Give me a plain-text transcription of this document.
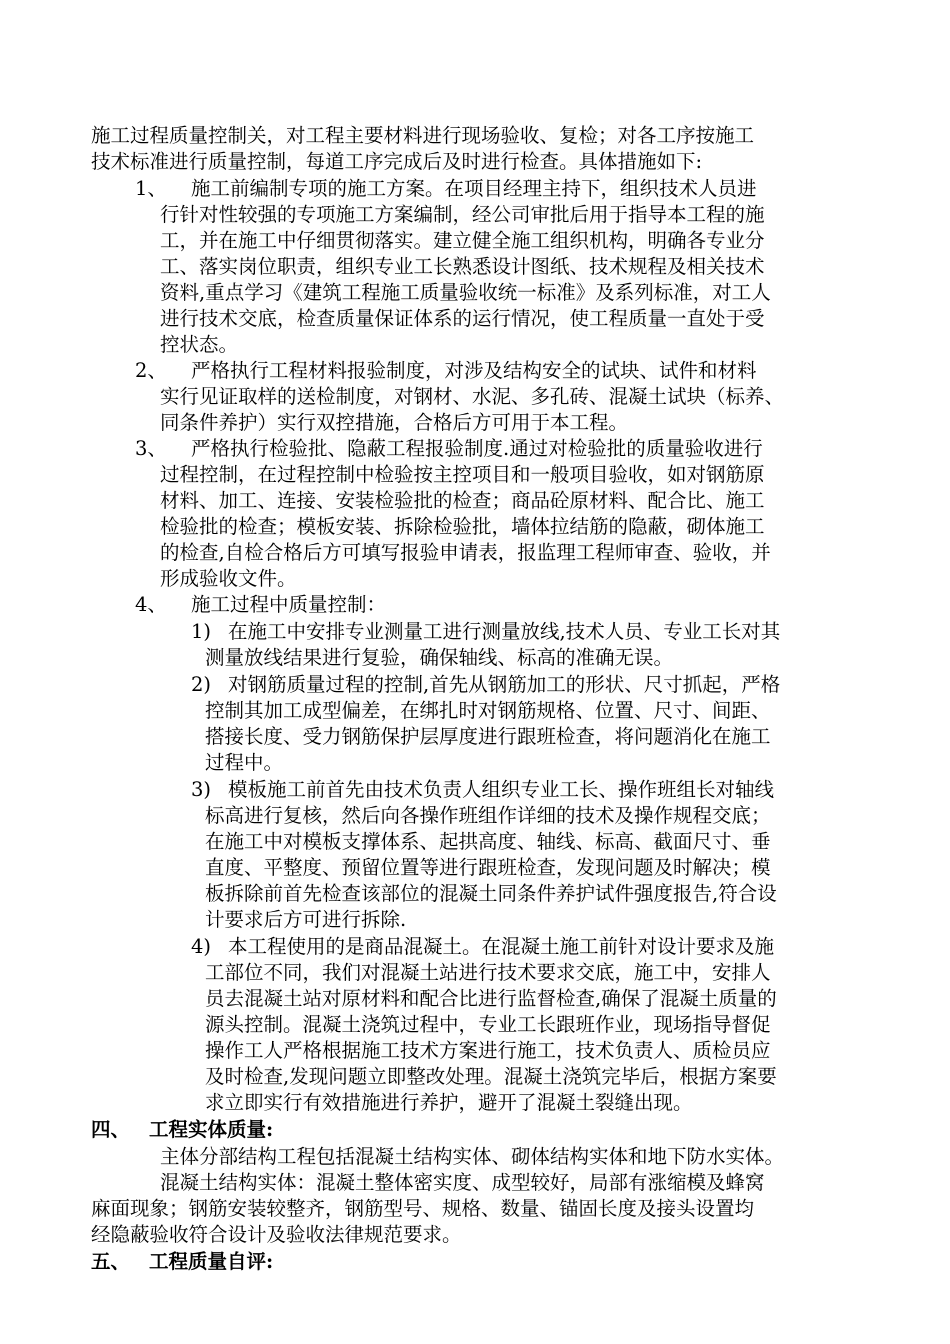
施工过程质量控制关，对工程主要材料进行现场验收、复检；对各工序按施工
技术标准进行质量控制，每道工序完成后及时进行检查。具体措施如下:
1、 施工前编制专项的施工方案。在项目经理主持下，组织技术人员进
行针对性较强的专项施工方案编制，经公司审批后用于指导本工程的施
工，并在施工中仔细贯彻落实。建立健全施工组织机构，明确各专业分
工、落实岗位职责，组织专业工长熟悉设计图纸、技术规程及相关技术
资料,重点学习《建筑工程施工质量验收统一标准》及系列标准，对工人
进行技术交底，检查质量保证体系的运行情况，使工程质量一直处于受
控状态。
2、 严格执行工程材料报验制度，对涉及结构安全的试块、试件和材料
实行见证取样的送检制度，对钢材、水泥、多孔砖、混凝土试块（标养、
同条件养护）实行双控措施，合格后方可用于本工程。
3、 严格执行检验批、隐蔽工程报验制度.通过对检验批的质量验收进行
过程控制，在过程控制中检验按主控项目和一般项目验收，如对钢筋原
材料、加工、连接、安装检验批的检查；商品砼原材料、配合比、施工
检验批的检查；模板安装、拆除检验批，墙体拉结筋的隐蔽，砌体施工
的检查,自检合格后方可填写报验申请表，报监理工程师审查、验收，并
形成验收文件。
4、 施工过程中质量控制：
1) 在施工中安排专业测量工进行测量放线,技术人员、专业工长对其
测量放线结果进行复验，确保轴线、标高的准确无误。
2) 对钢筋质量过程的控制,首先从钢筋加工的形状、尺寸抓起，严格
控制其加工成型偏差，在绑扎时对钢筋规格、位置、尺寸、间距、
搭接长度、受力钢筋保护层厚度进行跟班检查，将问题消化在施工
过程中。
3) 模板施工前首先由技术负责人组织专业工长、操作班组长对轴线
标高进行复核，然后向各操作班组作详细的技术及操作规程交底；
在施工中对模板支撑体系、起拱高度、轴线、标高、截面尺寸、垂
直度、平整度、预留位置等进行跟班检查，发现问题及时解决；模
板拆除前首先检查该部位的混凝土同条件养护试件强度报告,符合设
计要求后方可进行拆除.
4) 本工程使用的是商品混凝土。在混凝土施工前针对设计要求及施
工部位不同，我们对混凝土站进行技术要求交底，施工中，安排人
员去混凝土站对原材料和配合比进行监督检查,确保了混凝土质量的
源头控制。混凝土浇筑过程中，专业工长跟班作业，现场指导督促
操作工人严格根据施工技术方案进行施工，技术负责人、质检员应
及时检查,发现问题立即整改处理。混凝土浇筑完毕后，根据方案要
求立即实行有效措施进行养护，避开了混凝土裂缝出现。
四、 工程实体质量:
主体分部结构工程包括混凝土结构实体、砌体结构实体和地下防水实体。
混凝土结构实体：混凝土整体密实度、成型较好，局部有涨缩模及蜂窝
麻面现象；钢筋安装较整齐，钢筋型号、规格、数量、锚固长度及接头设置均
经隐蔽验收符合设计及验收法律规范要求。
五、 工程质量自评:
